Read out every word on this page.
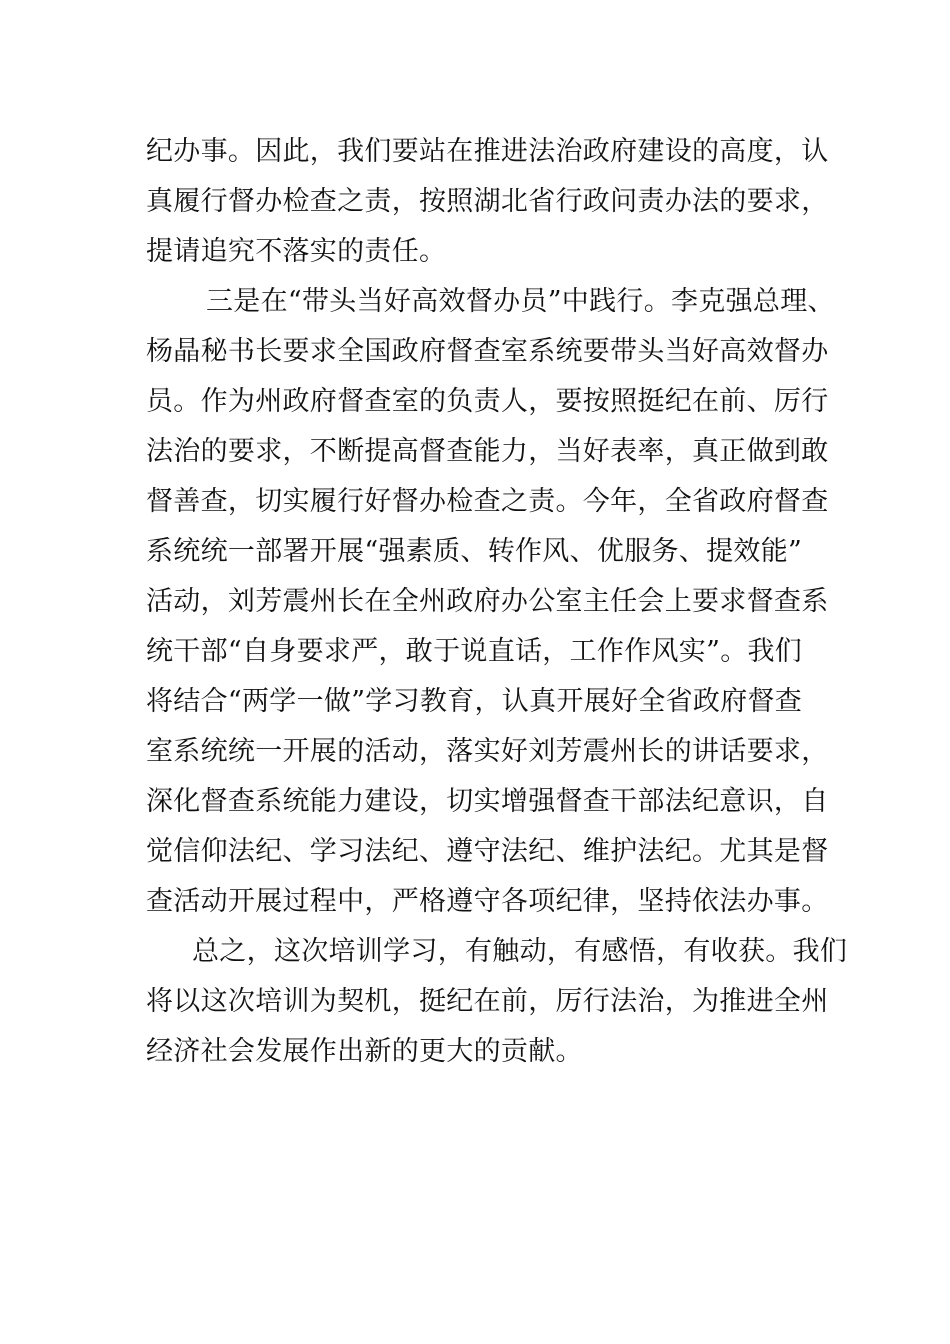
纪办事。因此，我们要站在推进法治政府建设的高度，认
真履行督办检查之责，按照湖北省行政问责办法的要求，
提请追究不落实的责任。
三是在“带头当好高效督办员”中践行。李克强总理、
杨晶秘书长要求全国政府督查室系统要带头当好高效督办
员。作为州政府督查室的负责人，要按照挺纪在前、厉行
法治的要求，不断提高督查能力，当好表率，真正做到敢
督善查，切实履行好督办检查之责。今年，全省政府督查
系统统一部署开展“强素质、转作风、优服务、提效能”
活动，刘芳震州长在全州政府办公室主任会上要求督查系
统干部“自身要求严，敢于说直话，工作作风实”。我们
将结合“两学一做”学习教育，认真开展好全省政府督查
室系统统一开展的活动，落实好刘芳震州长的讲话要求，
深化督查系统能力建设，切实增强督查干部法纪意识，自
觉信仰法纪、学习法纪、遵守法纪、维护法纪。尤其是督
查活动开展过程中，严格遵守各项纪律，坚持依法办事。
总之，这次培训学习，有触动，有感悟，有收获。我们
将以这次培训为契机，挺纪在前，厉行法治，为推进全州
经济社会发展作出新的更大的贡献。
